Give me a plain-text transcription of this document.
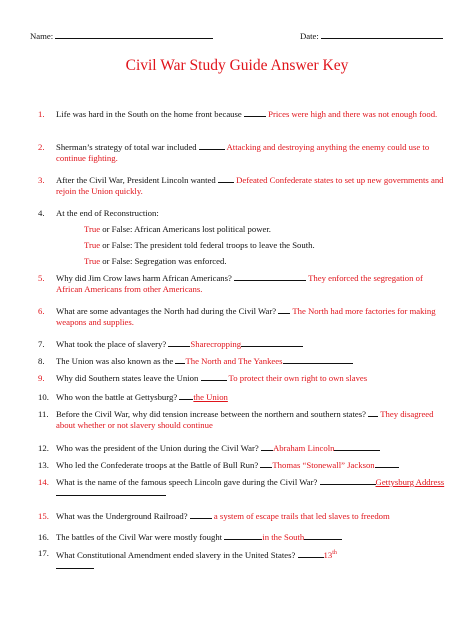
Name:	Date:
Civil War Study Guide Answer Key
1. Life was hard in the South on the home front because	Prices were high and there was not enough food.
2. Sherman’s strategy of total war included	Attacking and destroying anything the enemy could use to continue fighting.
3. After the Civil War, President Lincoln wanted Defeated Confederate states to set up new governments and rejoin the Union quickly.
4. At the end of Reconstruction:
True or False: African Americans lost political power.
True or False: The president told federal troops to leave the South.
True or False: Segregation was enforced.
5. Why did Jim Crow laws harm African Americans?	They enforced the segregation of African Americans from other Americans.
6. What are some advantages the North had during the Civil War? The North had more factories for making weapons and supplies.
7. What took the place of slavery?	Sharecropping
8. The Union was also known as the The North and The Yankees
9. Why did Southern states leave the Union	To protect their own right to own slaves
10. Who won the battle at Gettysburg? the Union
11. Before the Civil War, why did tension increase between the northern and southern states? They disagreed about whether or not slavery should continue
12. Who was the president of the Union during the Civil War? Abraham Lincoln
13. Who led the Confederate troops at the Battle of Bull Run? Thomas “Stonewall” Jackson
14. What is the name of the famous speech Lincoln gave during the Civil War?	Gettysburg Address
15. What was the Underground Railroad?	a system of escape trails that led slaves to freedom
16. The battles of the Civil War were mostly fought	in the South
17. What Constitutional Amendment ended slavery in the United States?	13th
